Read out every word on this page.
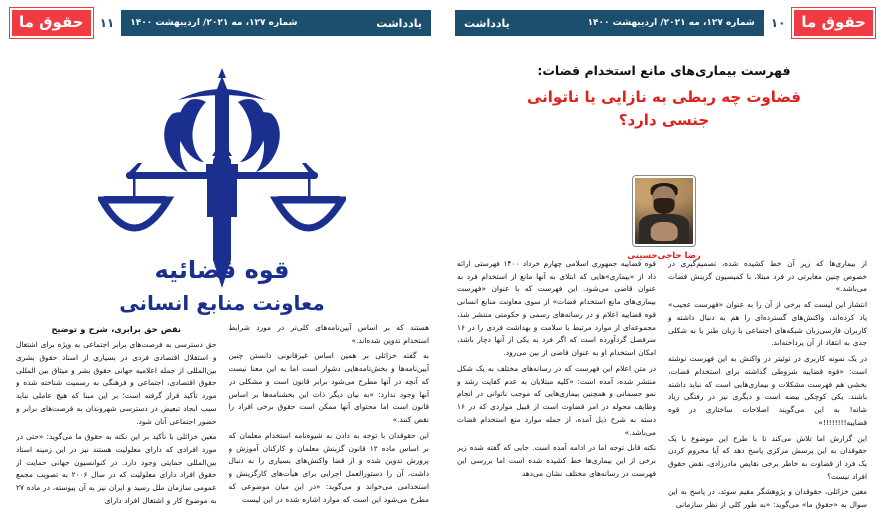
حقوق ما
۱۰
شماره ۱۲۷، مه ۲۰۲۱/ اردیبهشت ۱۴۰۰
یادداشت
فهرست بیماری‌های مانع استخدام قضات:
قضاوت چه ربطی به نازایی یا ناتوانی
جنسی دارد؟
رضا حاجی‌حسینی

از بیماری‌ها که زیر آن خط کشیده شده، تصمیم‌گیری در خصوص چنین مغایرتی در فرد مبتلا، با کمیسیون گزینش قضات می‌باشد.»

انتشار این لیست که برخی از آن را به عنوان «فهرست عجیب» یاد کرده‌اند، واکنش‌های گسترده‌ای را هم به دنبال داشته و کاربران فارسی‌زبان شبکه‌های اجتماعی با زبان طنز یا به شکلی جدی به انتقاد از آن پرداخته‌اند.

در یک نمونه کاربری در توئیتر در واکنش به این فهرست نوشته است: «قوه قضاییه شروطی گذاشته برای استخدام قضات، بخشی هم فهرست مشکلات و بیماری‌هایی است که نباید داشته باشند. یکی کوچکی بیضه است و دیگری نیز در رفتگی زیاد شانه! به این می‌گویند اصلاحات ساختاری در قوه قضاییه!!!!!!!!»

این گزارش اما تلاش می‌کند تا با طرح این موضوع با یک حقوقدان به این پرسش مرکزی پاسخ دهد که آیا محروم کردن یک فرد از قضاوت به خاطر برخی نقایص مادرزادی، نقض حقوق افراد نیست؟

معین خزائلی، حقوقدان و پژوهشگر مقیم سوئد، در پاسخ به این سوال به «حقوق ما» می‌گوید: «به طور کلی از نظر سازمانی

قوه قضاییه جمهوری اسلامی چهارم خرداد ۱۴۰۰ فهرستی ارائه داد از «بیماری»هایی که ابتلای به آنها مانع از استخدام فرد به عنوان قاضی می‌شود. این فهرست که با عنوان «فهرست بیماری‌های مانع استخدام قضات» از سوی معاونت منابع انسانی قوه قضاییه اعلام و در رسانه‌های رسمی و حکومتی منتشر شد، مجموعه‌ای از موارد مرتبط با سلامت و بهداشت فردی را در ۱۶ سرفصل گردآورده است که اگر فرد به یکی از آنها دچار باشد، امکان استخدام او به عنوان قاضی از بین می‌رود.

در متن اعلام این فهرست که در رسانه‌های مختلف به یک شکل منتشر شده، آمده است: «کلیه مبتلایان به عدم کفایت رشد و نمو جسمانی و همچنین بیماری‌هایی که موجب ناتوانی در انجام وظایف محوله در امر قضاوت است از قبیل مواردی که در ۱۶ دسته به شرح ذیل آمده، از جمله موارد منع استخدام قضات می‌باشد.»

نکته قابل توجه اما در ادامه آمده است. جایی که گفته شده زیر برخی از این بیماری‌ها خط کشیده شده است اما بررسی این فهرست در رسانه‌های مختلف نشان می‌دهد

یادداشت
شماره ۱۲۷، مه ۲۰۲۱/ اردیبهشت ۱۴۰۰
۱۱
حقوق ما
قوه قضائیه
معاونت منابع انسانی

هستند که بر اساس آیین‌نامه‌های کلی‌تر در مورد شرایط استخدام تدوین شده‌اند.»

به گفته خزائلی بر همین اساس غیرقانونی دانستن چنین آیین‌نامه‌ها و بخش‌نامه‌هایی دشوار است اما به این معنا نیست که آنچه در آنها مطرح می‌شود برابر قانون است و مشکلی در آنها وجود ندارد: «به بیان دیگر ذات این بخشنامه‌ها بر اساس قانون است اما محتوای آنها ممکن است حقوق برخی افراد را نقض کنند.»

این حقوقدان با توجه به دادن به شیوه‌نامه استخدام معلمان که بر اساس ماده ۱۲ قانون گزینش معلمان و کارکنان آموزش و پرورش تدوین شده و از قضا واکنش‌های بسیاری را به دنبال داشت، آن را دستورالعمل اجرایی برای هیأت‌های کارگزینش و استخدامی می‌خواند و می‌گوید: «در این میان موضوعی که مطرح می‌شود این است که موارد اشاره شده در این لیست

نقض حق برابری، شرح و توضیح

حق دسترسی به فرصت‌های برابر اجتماعی به ویژه برای اشتغال و استقلال اقتصادی فردی در بسیاری از اسناد حقوق بشری بین‌المللی از جمله اعلامیه جهانی حقوق بشر و میثاق بین المللی حقوق اقتصادی، اجتماعی و فرهنگی به رسمیت شناخته شده و مورد تأکید قرار گرفته است؛ بر این مبنا که هیچ عاملی نباید سبب ایجاد تبعیض در دسترسی شهروندان به فرصت‌های برابر و حضور اجتماعی آنان شود.

معین خزائلی با تأکید بر این نکته به حقوق ما می‌گوید: «حتی در مورد افرادی که دارای معلولیت هستند نیز در این زمینه اسناد بین‌المللی حمایتی وجود دارد. در کنوانسیون جهانی حمایت از حقوق افراد دارای معلولیت که در سال ۲۰۰۶ به تصویب مجمع عمومی سازمان ملل رسید و ایران نیز به آن پیوسته، در ماده ۲۷ به موضوع کار و اشتغال افراد دارای
